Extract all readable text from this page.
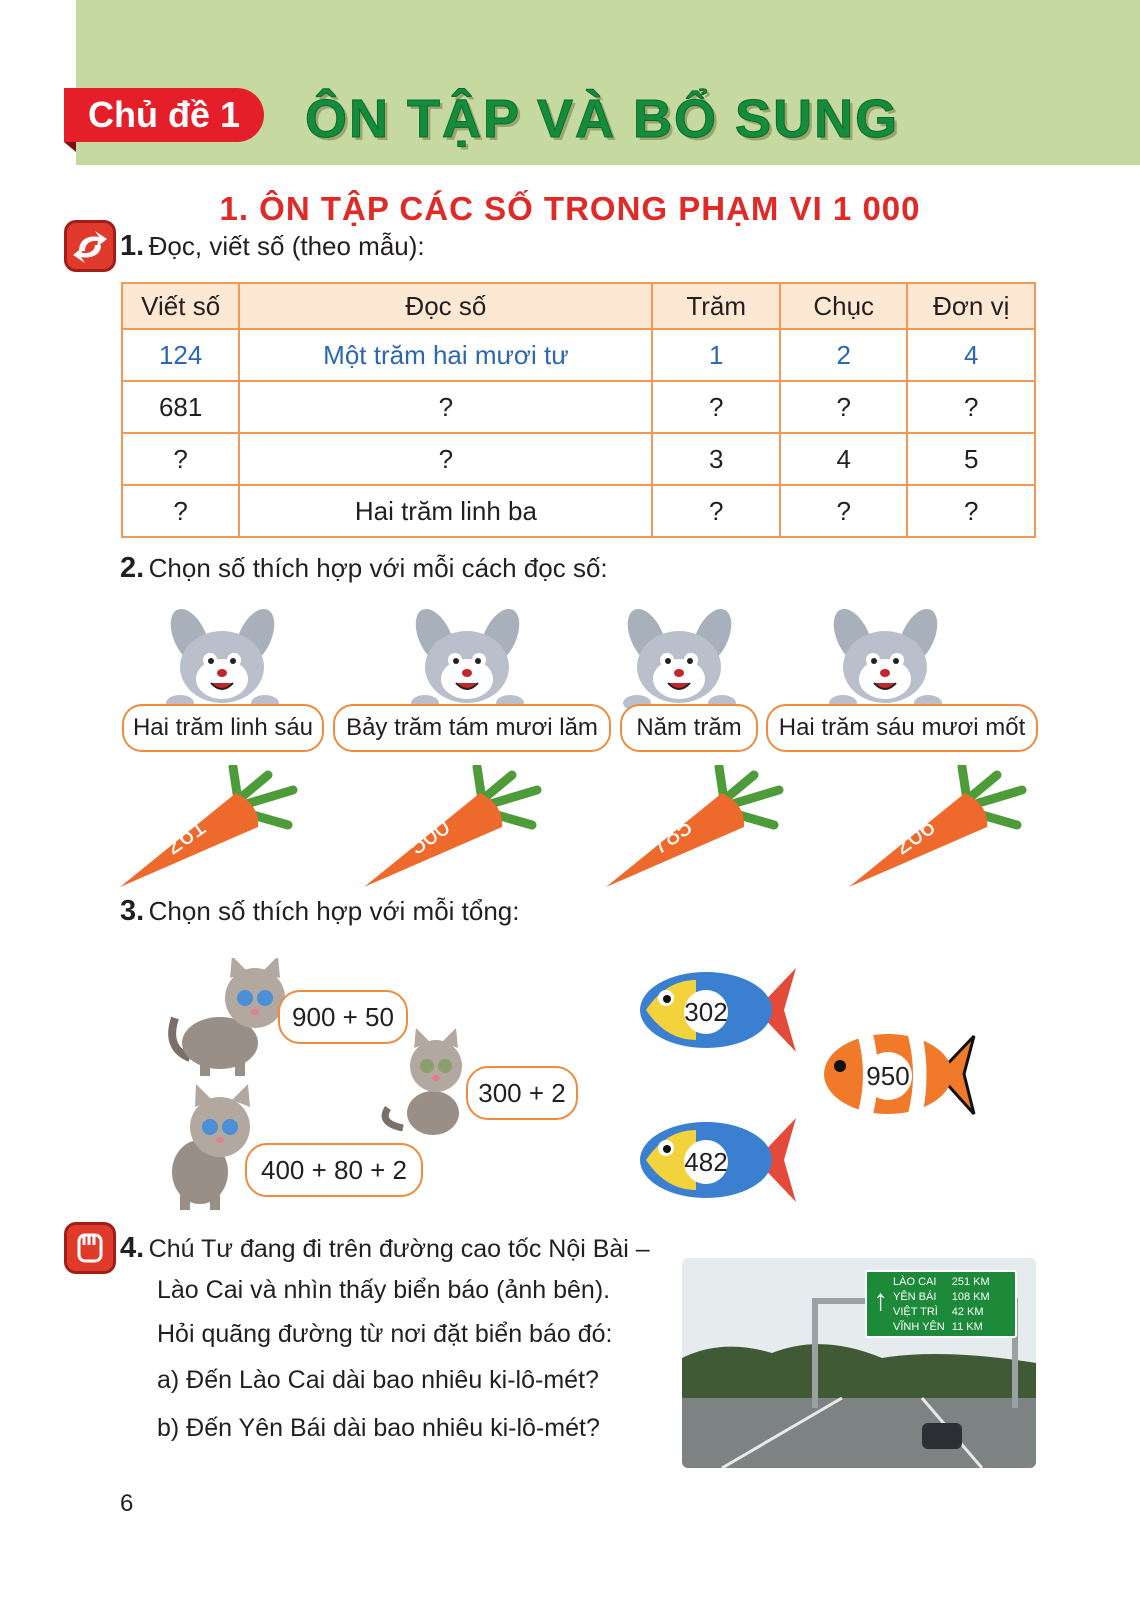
Chủ đề 1	ÔN TẬP VÀ BỔ SUNG
1. ÔN TẬP CÁC SỐ TRONG PHẠM VI 1 000
1. Đọc, viết số (theo mẫu):
Viết số	Đọc số	Trăm	Chục	Đơn vị
124	Một trăm hai mươi tư	1	2	4
681	?	?	?	?
?	?	3	4	5
?	Hai trăm linh ba	?	?	?
2. Chọn số thích hợp với mỗi cách đọc số:
Hai trăm linh sáu	Bảy trăm tám mươi lăm	Năm trăm	Hai trăm sáu mươi mốt
261	500	785	206
3. Chọn số thích hợp với mỗi tổng:
900 + 50
300 + 2
400 + 80 + 2
302
950
482
4. Chú Tư đang đi trên đường cao tốc Nội Bài –
Lào Cai và nhìn thấy biển báo (ảnh bên).
Hỏi quãng đường từ nơi đặt biển báo đó:
a) Đến Lào Cai dài bao nhiêu ki-lô-mét?
b) Đến Yên Bái dài bao nhiêu ki-lô-mét?
↑
LÀO CAI	251 KM
YÊN BÁI	108 KM
VIỆT TRÌ	42 KM
VĨNH YÊN	11 KM
6
